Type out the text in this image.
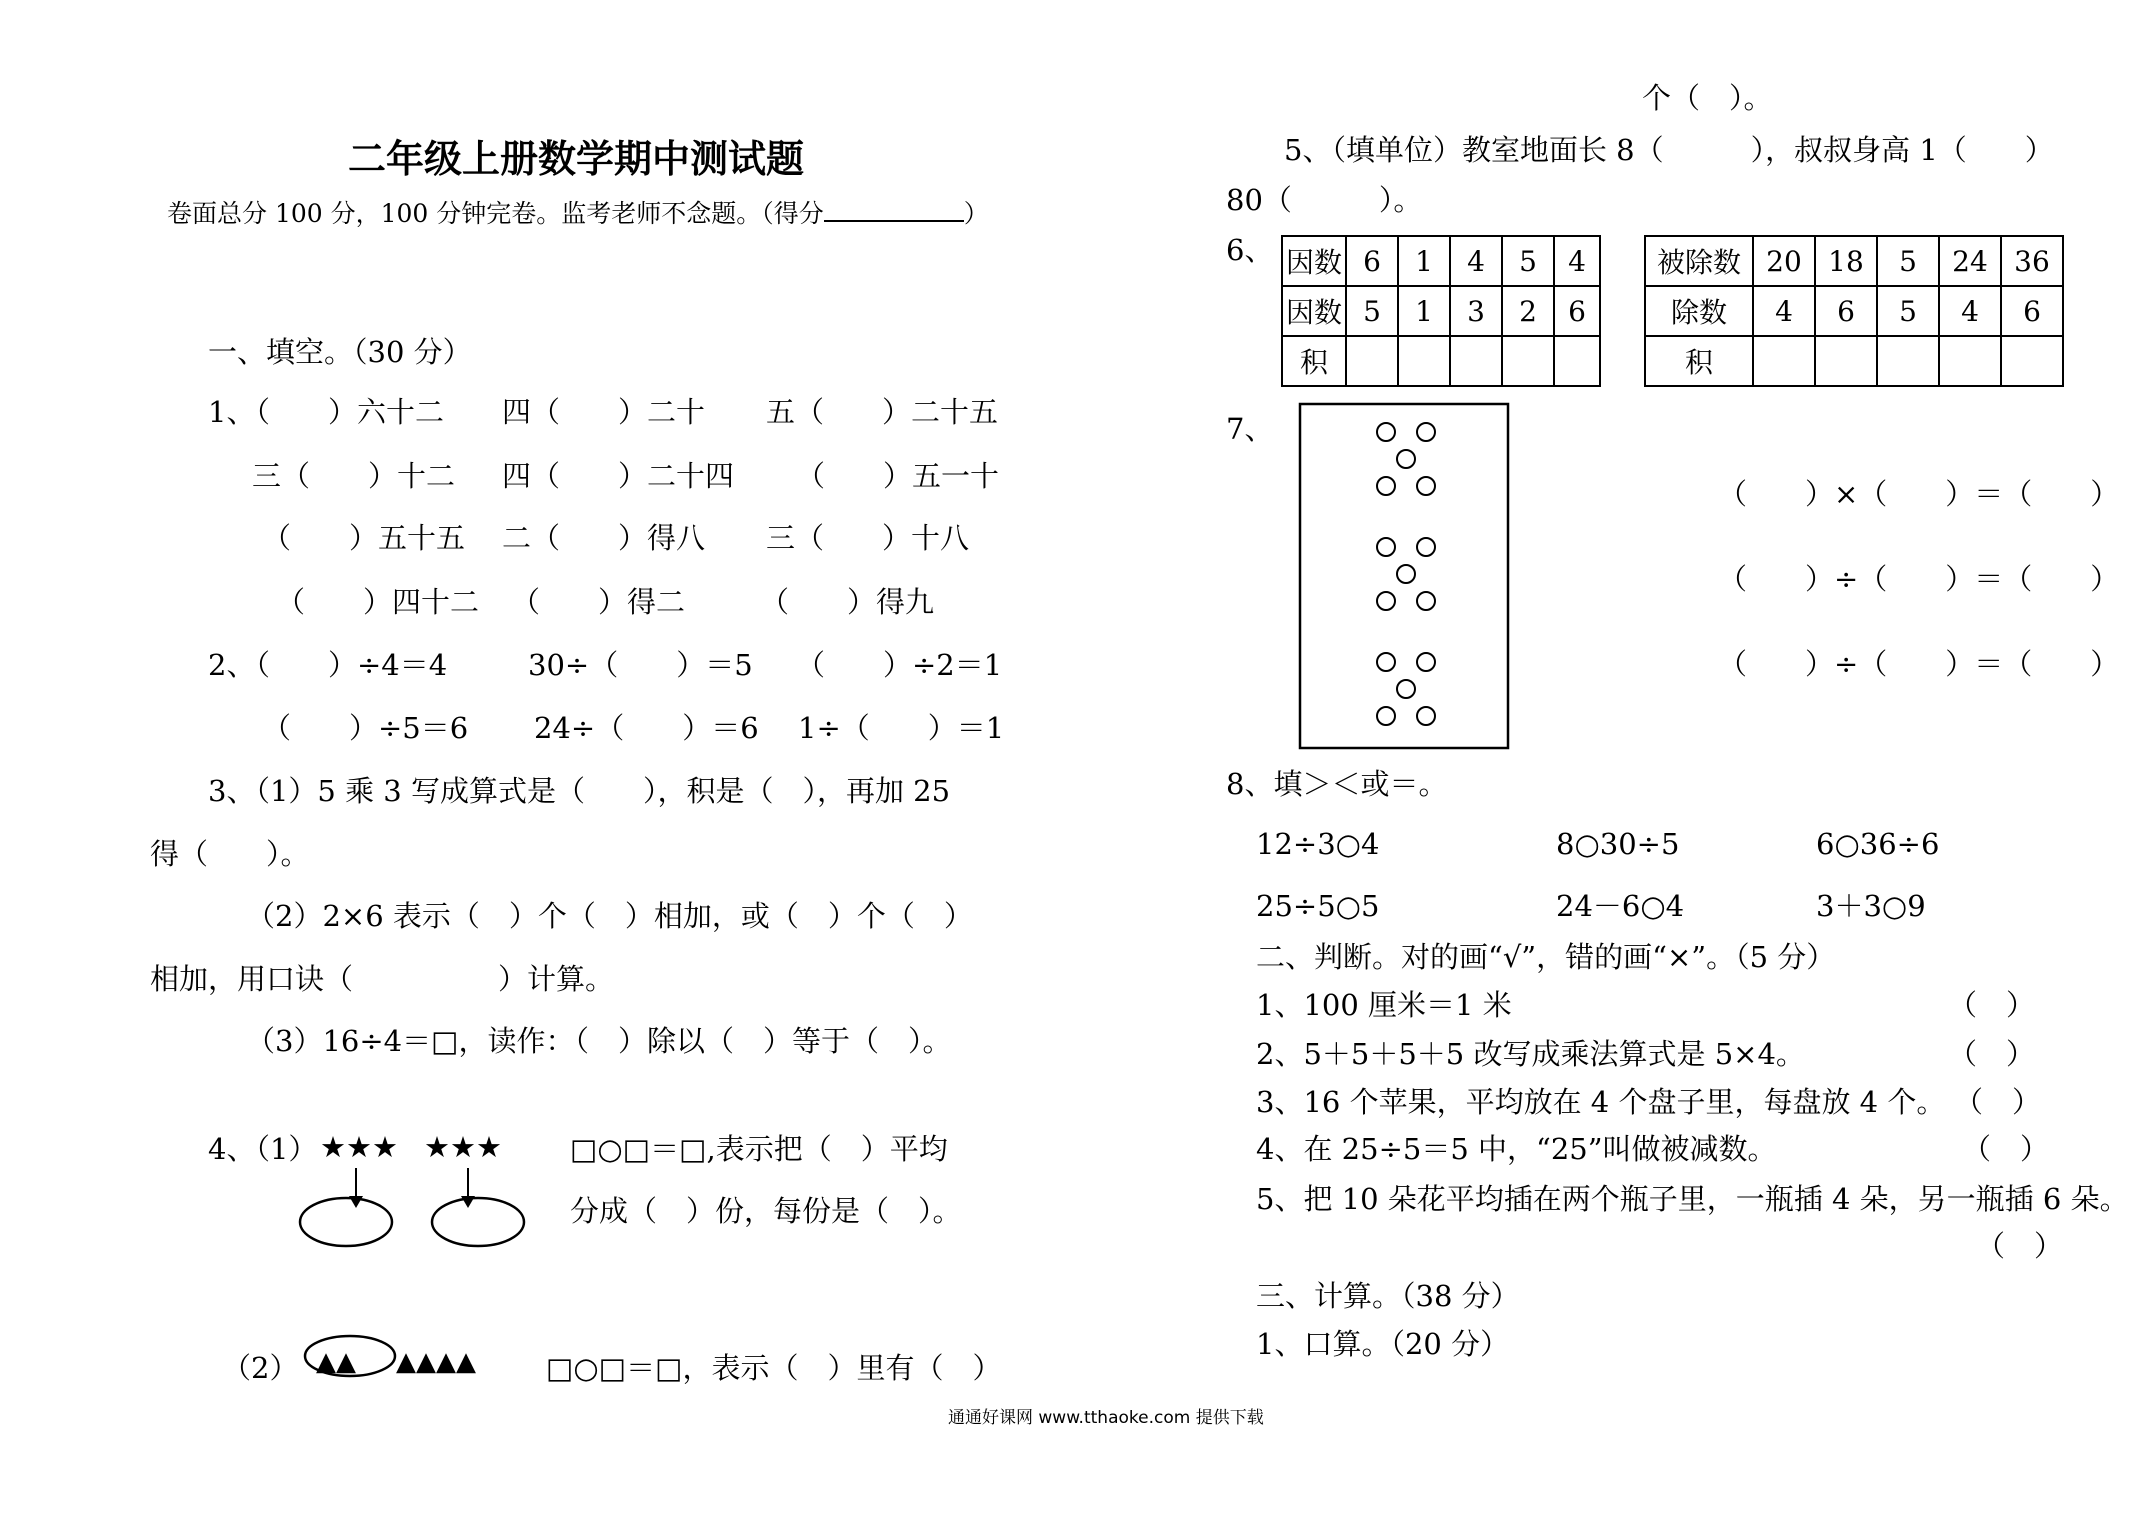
二年级上册数学期中测试题
卷面总分 100 分，100 分钟完卷。监考老师不念题。（得分	）
一、填空。（30 分）
1、（　　）六十二 四（　　）二十 五（　　）二十五
三（　　）十二 四（　　）二十四 （　　）五一十
（　　）五十五 二（　　）得八 三（　　）十八
（　　）四十二 （　　）得二	（　　）得九
2、（　　）÷4＝4	30÷（　　）＝5 （　　）÷2＝1
（　　）÷5＝6 24÷（　　）＝6 1÷（　　）＝1
3、（1）5 乘 3 写成算式是（　　），积是（　），再加 25
得（　　）。
（2）2×6 表示（　）个（　）相加，或（　）个（　）
相加，用口诀（　　　　　）计算。
（3）16÷4＝□，读作：（　）除以（　）等于（　）。
4、（1） ★★★ ★★★ □○□＝□,表示把（　）平均
分成（　）份，每份是（　）。
（2） ▲▲ ▲▲▲▲ □○□＝□，表示（　）里有（　）
个（　）。
5、（填单位）教室地面长 8（　　　），叔叔身高 1（　　）
80（　　　）。
6、 因数	6	1	4	5	4
因数	5	1	3	2	6
积					
被除数	20	18	5	24	36
除数	4	6	5	4	6
积					
7、
（　　）×（　　）＝（　　）
（　　）÷（　　）＝（　　）
（　　）÷（　　）＝（　　）
8、填＞＜或＝。
12÷3○4	8○30÷5	6○36÷6
25÷5○5	24－6○4	3＋3○9
二、判断。对的画“√”，错的画“×”。（5 分）
1、100 厘米＝1 米	（　）
2、5＋5＋5＋5 改写成乘法算式是 5×4。	（　）
3、16 个苹果，平均放在 4 个盘子里，每盘放 4 个。 （　）
4、在 25÷5＝5 中，“25”叫做被减数。	（　）
5、把 10 朵花平均插在两个瓶子里，一瓶插 4 朵，另一瓶插 6 朵。
（　）
三、计算。（38 分）
1、口算。（20 分）
通通好课网 www.tthaoke.com 提供下载
